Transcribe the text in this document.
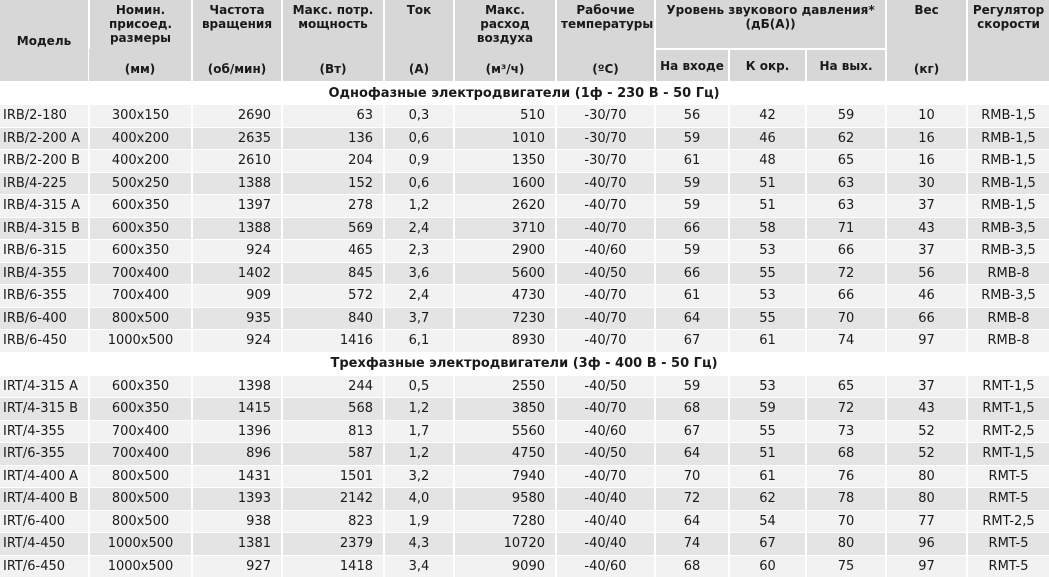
Модель	Номин. присоед. размеры	Частота вращения	Макс. потр. мощность	Ток	Макс. расход воздуха	Рабочие температуры	Уровень звукового давления* (дБ(А))			Вес	Регулятор скорости
	(мм)	(об/мин)	(Вт)	(А)	(м³/ч)	(ºC)	На входе	К окр.	На вых.	(кг)	
Однофазные электродвигатели (1ф - 230 В - 50 Гц)											
IRB/2-180	300x150	2690	63	0,3	510	-30/70	56	42	59	10	RMB-1,5
IRB/2-200 A	400x200	2635	136	0,6	1010	-30/70	59	46	62	16	RMB-1,5
IRB/2-200 B	400x200	2610	204	0,9	1350	-30/70	61	48	65	16	RMB-1,5
IRB/4-225	500x250	1388	152	0,6	1600	-40/70	59	51	63	30	RMB-1,5
IRB/4-315 A	600x350	1397	278	1,2	2620	-40/70	59	51	63	37	RMB-1,5
IRB/4-315 B	600x350	1388	569	2,4	3710	-40/70	66	58	71	43	RMB-3,5
IRB/6-315	600x350	924	465	2,3	2900	-40/60	59	53	66	37	RMB-3,5
IRB/4-355	700x400	1402	845	3,6	5600	-40/50	66	55	72	56	RMB-8
IRB/6-355	700x400	909	572	2,4	4730	-40/70	61	53	66	46	RMB-3,5
IRB/6-400	800x500	935	840	3,7	7230	-40/70	64	55	70	66	RMB-8
IRB/6-450	1000x500	924	1416	6,1	8930	-40/70	67	61	74	97	RMB-8
Трехфазные электродвигатели (3ф - 400 В - 50 Гц)											
IRT/4-315 A	600x350	1398	244	0,5	2550	-40/50	59	53	65	37	RMT-1,5
IRT/4-315 B	600x350	1415	568	1,2	3850	-40/70	68	59	72	43	RMT-1,5
IRT/4-355	700x400	1396	813	1,7	5560	-40/60	67	55	73	52	RMT-2,5
IRT/6-355	700x400	896	587	1,2	4750	-40/50	64	51	68	52	RMT-1,5
IRT/4-400 A	800x500	1431	1501	3,2	7940	-40/70	70	61	76	80	RMT-5
IRT/4-400 B	800x500	1393	2142	4,0	9580	-40/40	72	62	78	80	RMT-5
IRT/6-400	800x500	938	823	1,9	7280	-40/40	64	54	70	77	RMT-2,5
IRT/4-450	1000x500	1381	2379	4,3	10720	-40/40	74	67	80	96	RMT-5
IRT/6-450	1000x500	927	1418	3,4	9090	-40/60	68	60	75	97	RMT-5
